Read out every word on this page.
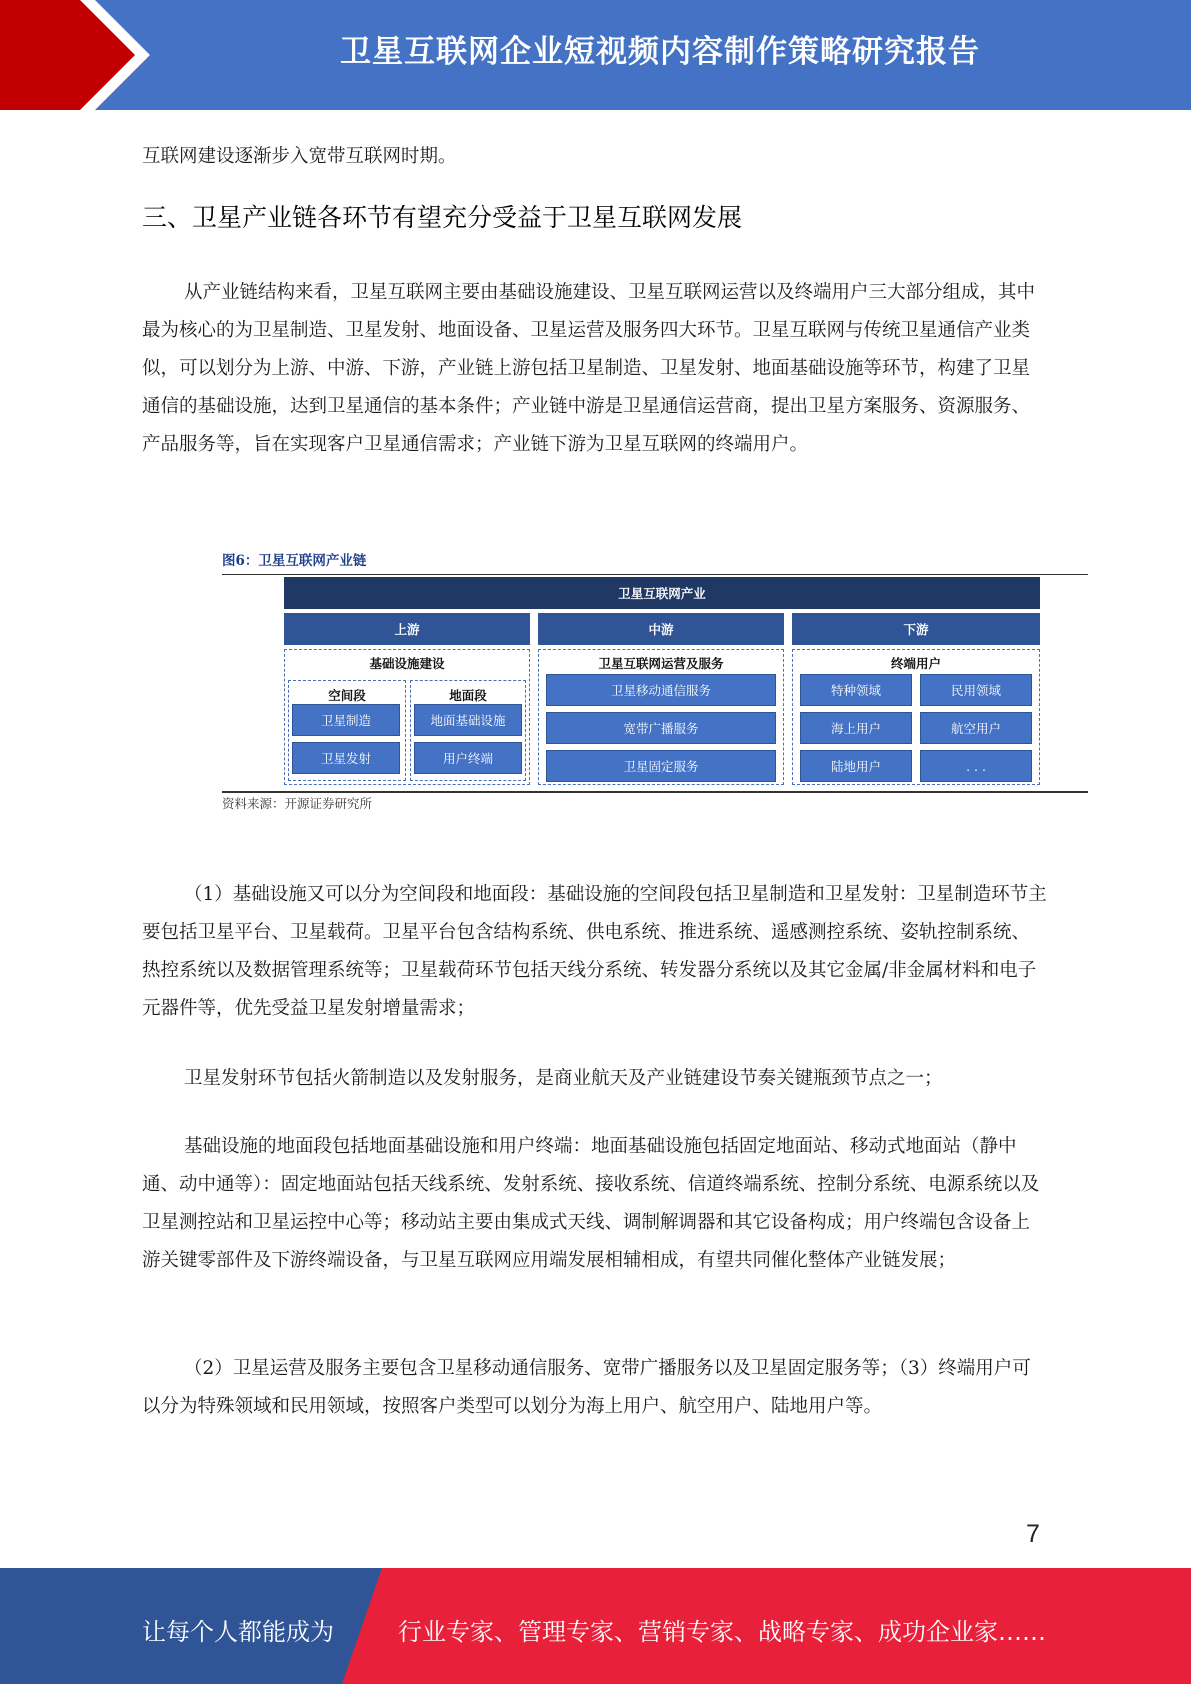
卫星互联网企业短视频内容制作策略研究报告
互联网建设逐渐步入宽带互联网时期。
三、卫星产业链各环节有望充分受益于卫星互联网发展
从产业链结构来看，卫星互联网主要由基础设施建设、卫星互联网运营以及终端用户三大部分组成，其中最为核心的为卫星制造、卫星发射、地面设备、卫星运营及服务四大环节。卫星互联网与传统卫星通信产业类似，可以划分为上游、中游、下游，产业链上游包括卫星制造、卫星发射、地面基础设施等环节，构建了卫星通信的基础设施，达到卫星通信的基本条件；产业链中游是卫星通信运营商，提出卫星方案服务、资源服务、产品服务等，旨在实现客户卫星通信需求；产业链下游为卫星互联网的终端用户。
图6：卫星互联网产业链
卫星互联网产业
上游	中游	下游
基础设施建设
空间段	地面段
卫星制造
卫星发射
地面基础设施
用户终端
卫星互联网运营及服务
卫星移动通信服务
宽带广播服务
卫星固定服务
终端用户
特种领域	民用领域
海上用户	航空用户
陆地用户	. . .
资料来源：开源证券研究所
（1）基础设施又可以分为空间段和地面段：基础设施的空间段包括卫星制造和卫星发射：卫星制造环节主要包括卫星平台、卫星载荷。卫星平台包含结构系统、供电系统、推进系统、遥感测控系统、姿轨控制系统、热控系统以及数据管理系统等；卫星载荷环节包括天线分系统、转发器分系统以及其它金属/非金属材料和电子元器件等，优先受益卫星发射增量需求；
卫星发射环节包括火箭制造以及发射服务，是商业航天及产业链建设节奏关键瓶颈节点之一；
基础设施的地面段包括地面基础设施和用户终端：地面基础设施包括固定地面站、移动式地面站（静中通、动中通等）：固定地面站包括天线系统、发射系统、接收系统、信道终端系统、控制分系统、电源系统以及卫星测控站和卫星运控中心等；移动站主要由集成式天线、调制解调器和其它设备构成；用户终端包含设备上游关键零部件及下游终端设备，与卫星互联网应用端发展相辅相成，有望共同催化整体产业链发展；
（2）卫星运营及服务主要包含卫星移动通信服务、宽带广播服务以及卫星固定服务等；（3）终端用户可以分为特殊领域和民用领域，按照客户类型可以划分为海上用户、航空用户、陆地用户等。
7
让每个人都能成为	行业专家、管理专家、营销专家、战略专家、成功企业家……
